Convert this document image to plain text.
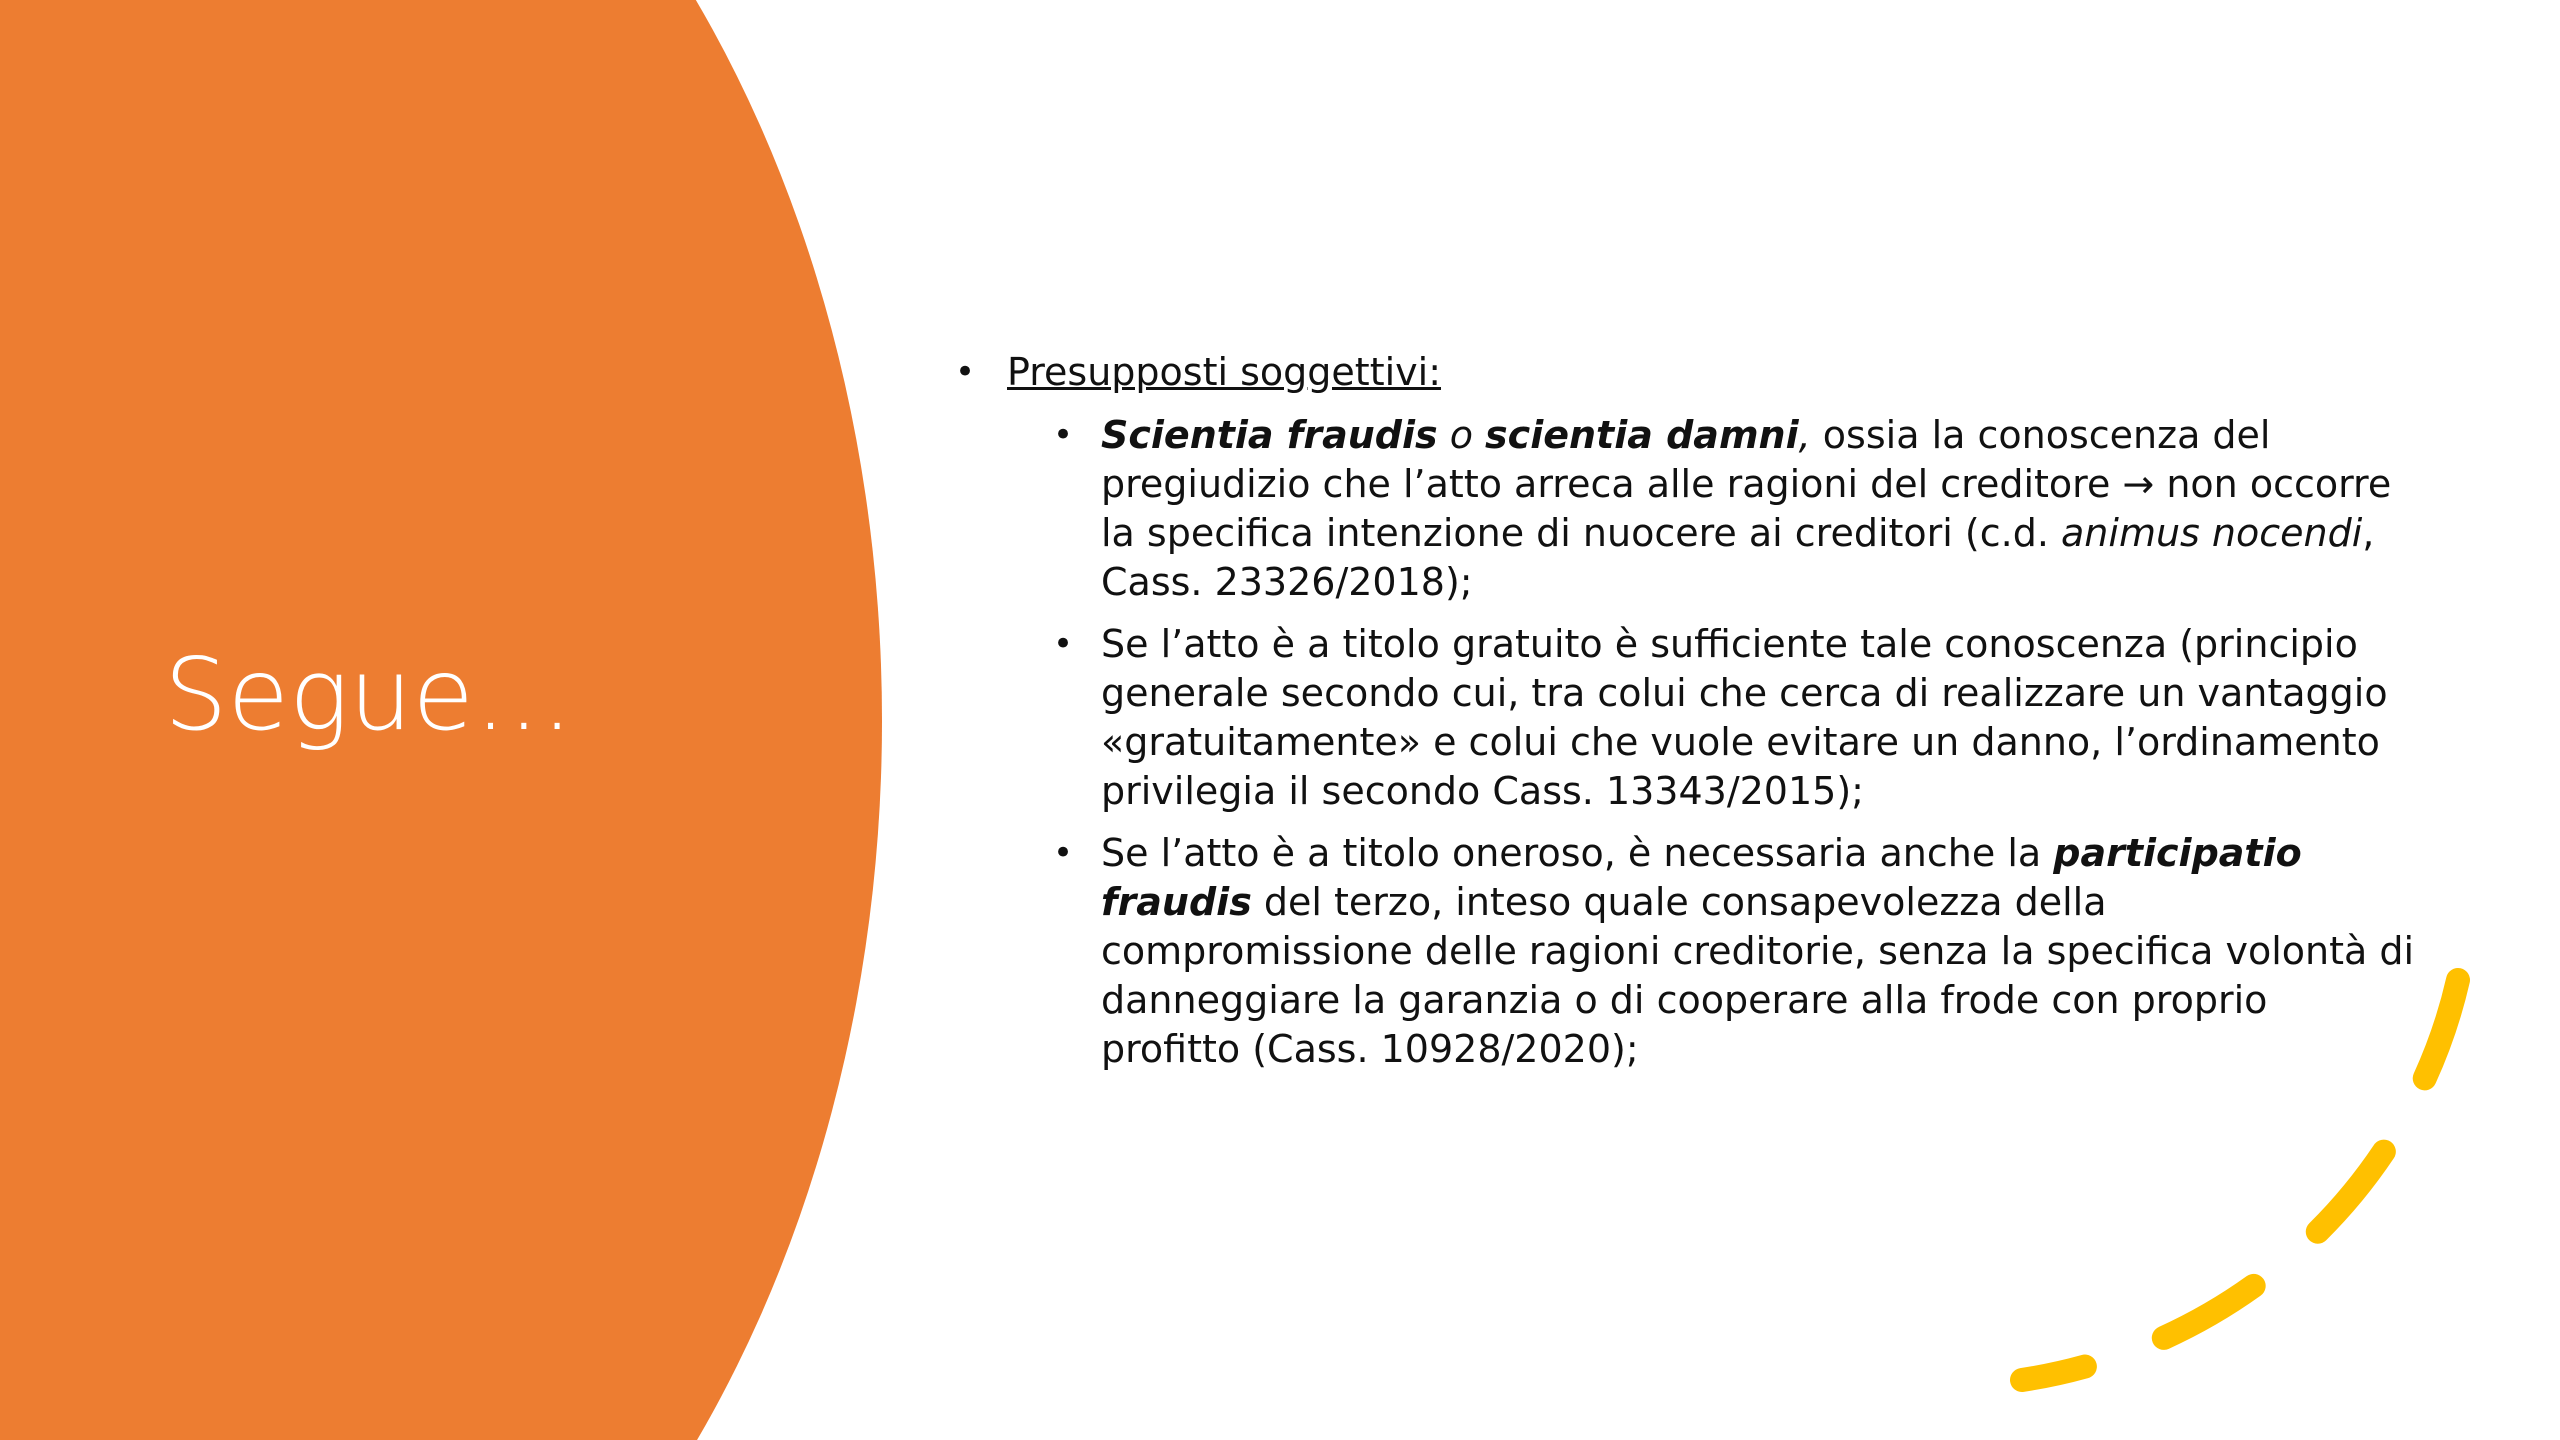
Segue…
• Presupposti soggettivi:
• Scientia fraudis o scientia damni, ossia la conoscenza del pregiudizio che l’atto arreca alle ragioni del creditore → non occorre la specifica intenzione di nuocere ai creditori (c.d. animus nocendi, Cass. 23326/2018);
• Se l’atto è a titolo gratuito è sufficiente tale conoscenza (principio generale secondo cui, tra colui che cerca di realizzare un vantaggio «gratuitamente» e colui che vuole evitare un danno, l’ordinamento privilegia il secondo Cass. 13343/2015);
• Se l’atto è a titolo oneroso, è necessaria anche la participatio fraudis del terzo, inteso quale consapevolezza della compromissione delle ragioni creditorie, senza la specifica volontà di danneggiare la garanzia o di cooperare alla frode con proprio profitto (Cass. 10928/2020);
